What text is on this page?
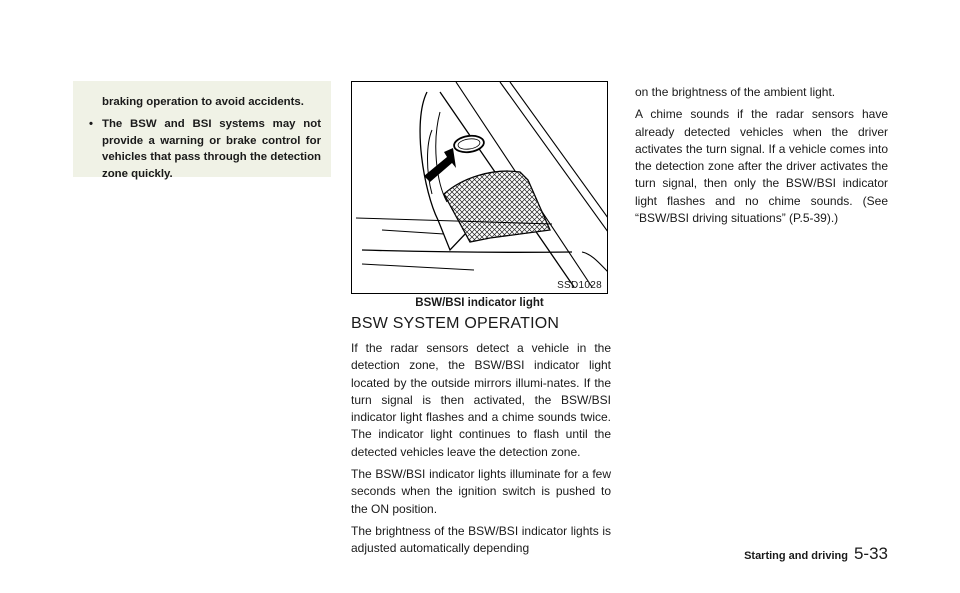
braking operation to avoid accidents.

• The BSW and BSI systems may not provide a warning or brake control for vehicles that pass through the detection zone quickly.

SSD1028
BSW/BSI indicator light
BSW SYSTEM OPERATION

If the radar sensors detect a vehicle in the detection zone, the BSW/BSI indicator light located by the outside mirrors illumi-nates. If the turn signal is then activated, the BSW/BSI indicator light flashes and a chime sounds twice. The indicator light continues to flash until the detected vehicles leave the detection zone.

The BSW/BSI indicator lights illuminate for a few seconds when the ignition switch is pushed to the ON position.

The brightness of the BSW/BSI indicator lights is adjusted automatically depending

on the brightness of the ambient light.

A chime sounds if the radar sensors have already detected vehicles when the driver activates the turn signal. If a vehicle comes into the detection zone after the driver activates the turn signal, then only the BSW/BSI indicator light flashes and no chime sounds. (See “BSW/BSI driving situations” (P.5-39).)

Starting and driving 5-33
